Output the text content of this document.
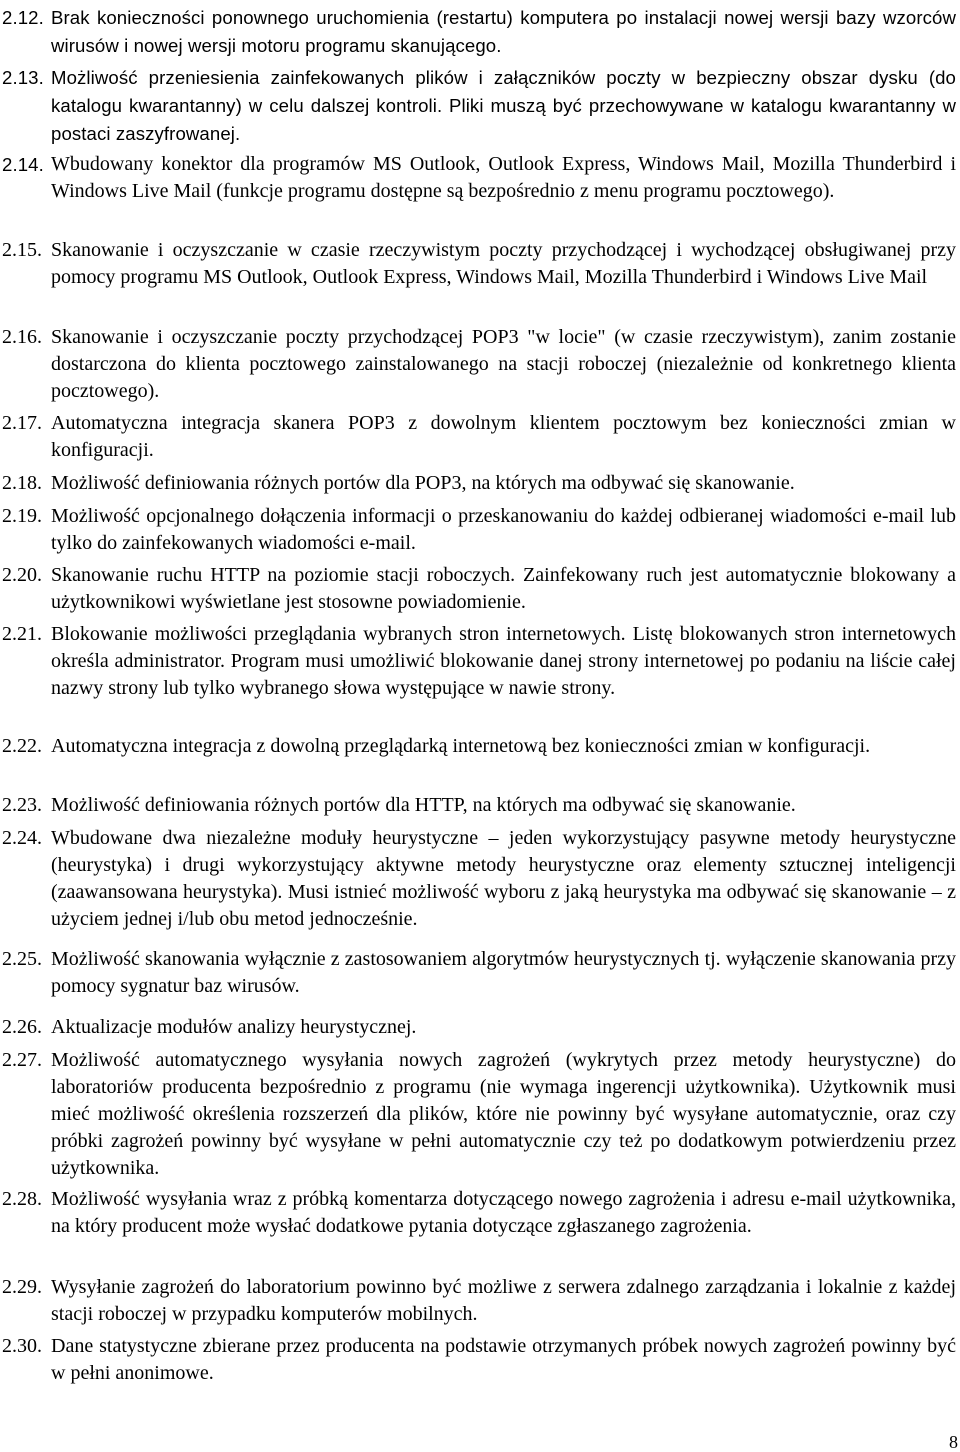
2.12. Brak konieczności ponownego uruchomienia (restartu) komputera po instalacji nowej wersji bazy wzorców wirusów i nowej wersji motoru programu skanującego.
2.13. Możliwość przeniesienia zainfekowanych plików i załączników poczty w bezpieczny obszar dysku (do katalogu kwarantanny) w celu dalszej kontroli. Pliki muszą być przechowywane w katalogu kwarantanny w postaci zaszyfrowanej.
2.14. Wbudowany konektor dla programów MS Outlook, Outlook Express, Windows Mail, Mozilla Thunderbird i Windows Live Mail (funkcje programu dostępne są bezpośrednio z menu programu pocztowego).
2.15. Skanowanie i oczyszczanie w czasie rzeczywistym poczty przychodzącej i wychodzącej obsługiwanej przy pomocy programu MS Outlook, Outlook Express, Windows Mail, Mozilla Thunderbird i Windows Live Mail
2.16. Skanowanie i oczyszczanie poczty przychodzącej POP3 "w locie" (w czasie rzeczywistym), zanim zostanie dostarczona do klienta pocztowego zainstalowanego na stacji roboczej (niezależnie od konkretnego klienta pocztowego).
2.17. Automatyczna integracja skanera POP3 z dowolnym klientem pocztowym bez konieczności zmian w konfiguracji.
2.18. Możliwość definiowania różnych portów dla POP3, na których ma odbywać się skanowanie.
2.19. Możliwość opcjonalnego dołączenia informacji o przeskanowaniu do każdej odbieranej wiadomości e-mail lub tylko do zainfekowanych wiadomości e-mail.
2.20. Skanowanie ruchu HTTP na poziomie stacji roboczych. Zainfekowany ruch jest automatycznie blokowany a użytkownikowi wyświetlane jest stosowne powiadomienie.
2.21. Blokowanie możliwości przeglądania wybranych stron internetowych. Listę blokowanych stron internetowych określa administrator. Program musi umożliwić blokowanie danej strony internetowej po podaniu na liście całej nazwy strony lub tylko wybranego słowa występujące w nawie strony.
2.22. Automatyczna integracja z dowolną przeglądarką internetową bez konieczności zmian w konfiguracji.
2.23. Możliwość definiowania różnych portów dla HTTP, na których ma odbywać się skanowanie.
2.24. Wbudowane dwa niezależne moduły heurystyczne – jeden wykorzystujący pasywne metody heurystyczne (heurystyka) i drugi wykorzystujący aktywne metody heurystyczne oraz elementy sztucznej inteligencji (zaawansowana heurystyka). Musi istnieć możliwość wyboru z jaką heurystyka ma odbywać się skanowanie – z użyciem jednej i/lub obu metod jednocześnie.
2.25. Możliwość skanowania wyłącznie z zastosowaniem algorytmów heurystycznych tj. wyłączenie skanowania przy pomocy sygnatur baz wirusów.
2.26. Aktualizacje modułów analizy heurystycznej.
2.27. Możliwość automatycznego wysyłania nowych zagrożeń (wykrytych przez metody heurystyczne) do laboratoriów producenta bezpośrednio z programu (nie wymaga ingerencji użytkownika). Użytkownik musi mieć możliwość określenia rozszerzeń dla plików, które nie powinny być wysyłane automatycznie, oraz czy próbki zagrożeń powinny być wysyłane w pełni automatycznie czy też po dodatkowym potwierdzeniu przez użytkownika.
2.28. Możliwość wysyłania wraz z próbką komentarza dotyczącego nowego zagrożenia i adresu e-mail użytkownika, na który producent może wysłać dodatkowe pytania dotyczące zgłaszanego zagrożenia.
2.29. Wysyłanie zagrożeń do laboratorium powinno być możliwe z serwera zdalnego zarządzania i lokalnie z każdej stacji roboczej w przypadku komputerów mobilnych.
2.30. Dane statystyczne zbierane przez producenta na podstawie otrzymanych próbek nowych zagrożeń powinny być w pełni anonimowe.
8
